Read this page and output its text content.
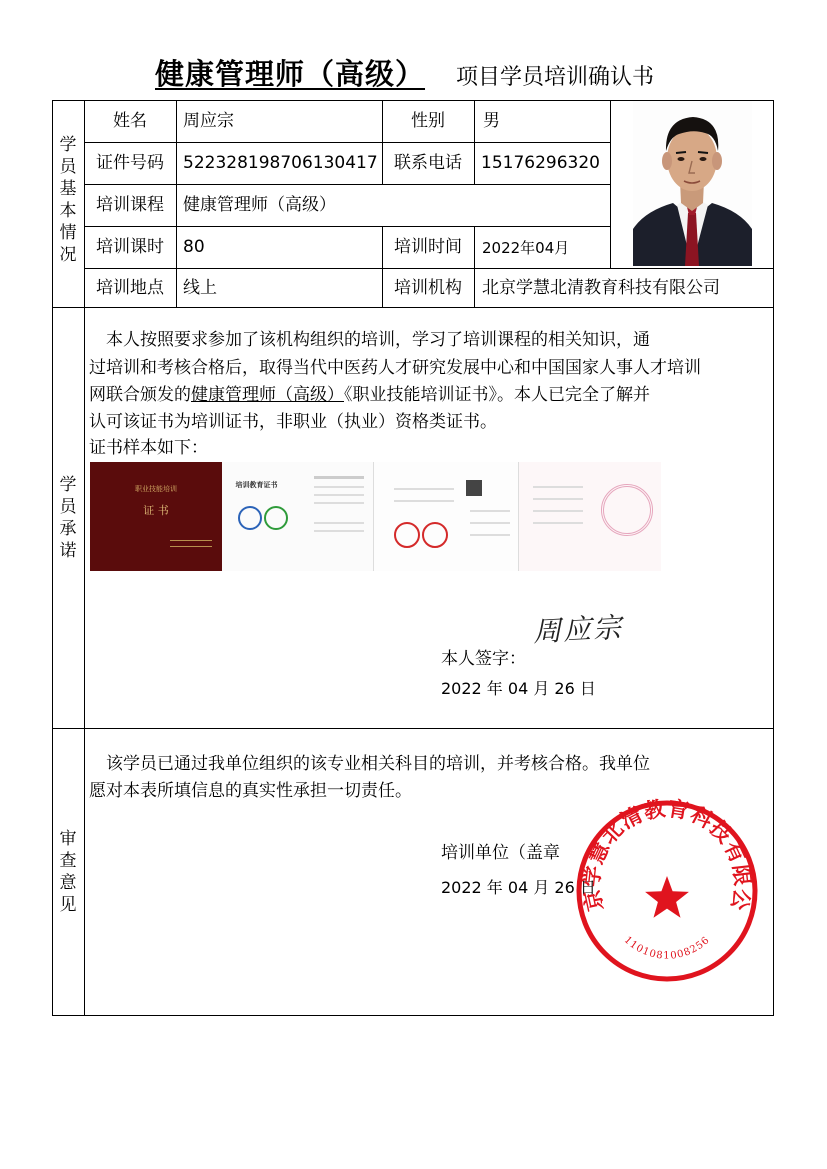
健康管理师（高级） 项目学员培训确认书
学员基本情况
学员承诺
审查意见
姓名	周应宗	性别	男
证件号码	522328198706130417 联系电话	15176296320
培训课程	健康管理师（高级）
培训课时	80	培训时间	2022年04月
培训地点	线上	培训机构	北京学慧北清教育科技有限公司
本人按照要求参加了该机构组织的培训，学习了培训课程的相关知识，通
过培训和考核合格后，取得当代中医药人才研究发展中心和中国国家人事人才培训
网联合颁发的健康管理师（高级）《职业技能培训证书》。本人已完全了解并
认可该证书为培训证书，非职业（执业）资格类证书。
证书样本如下：
职业技能培训
证 书
培训教育证书
周应宗
本人签字：
2022 年 04 月 26 日
该学员已通过我单位组织的该专业相关科目的培训，并考核合格。我单位
愿对本表所填信息的真实性承担一切责任。
培训单位（盖章
2022 年 04 月 26 日
京学慧北清教育科技有限公
1101081008256
